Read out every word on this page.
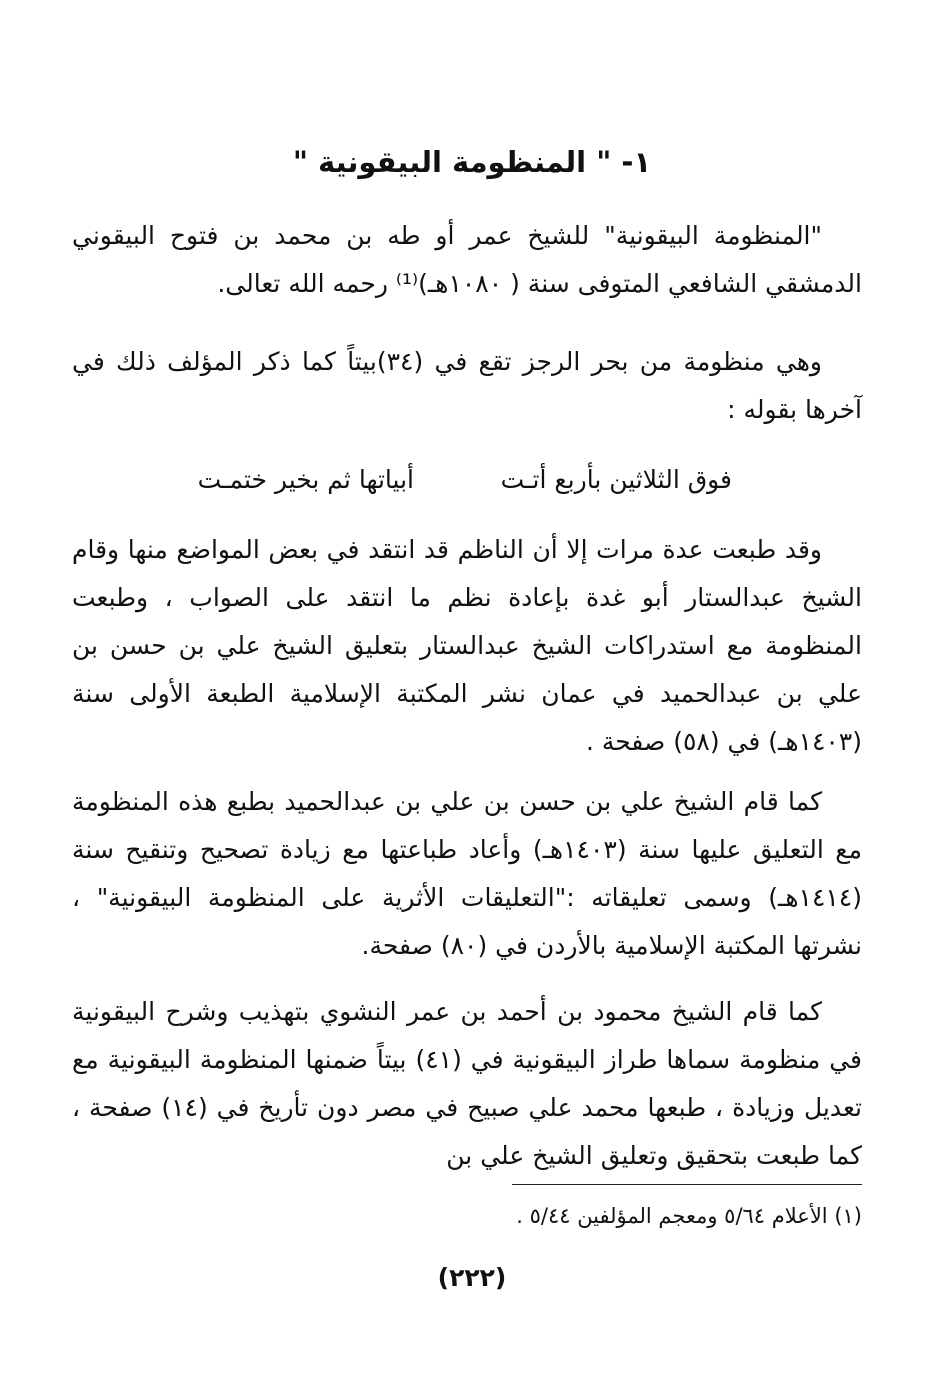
١- " المنظومة البيقونية "

"المنظومة البيقونية" للشيخ عمر أو طه بن محمد بن فتوح البيقوني الدمشقي الشافعي المتوفى سنة ( ١٠٨٠هـ)⁽¹⁾ رحمه الله تعالى.

وهي منظومة من بحر الرجز تقع في (٣٤)بيتاً كما ذكر المؤلف ذلك في آخرها بقوله :

فوق الثلاثين بأربع أتـت
أبياتها ثم بخير ختمـت

وقد طبعت عدة مرات إلا أن الناظم قد انتقد في بعض المواضع منها وقام الشيخ عبدالستار أبو غدة بإعادة نظم ما انتقد على الصواب ، وطبعت المنظومة مع استدراكات الشيخ عبدالستار بتعليق الشيخ علي بن حسن بن علي بن عبدالحميد في عمان نشر المكتبة الإسلامية الطبعة الأولى سنة (١٤٠٣هـ) في (٥٨) صفحة .

كما قام الشيخ علي بن حسن بن علي بن عبدالحميد بطبع هذه المنظومة مع التعليق عليها سنة (١٤٠٣هـ) وأعاد طباعتها مع زيادة تصحيح وتنقيح سنة (١٤١٤هـ) وسمى تعليقاته :"التعليقات الأثرية على المنظومة البيقونية" ، نشرتها المكتبة الإسلامية بالأردن في (٨٠) صفحة.

كما قام الشيخ محمود بن أحمد بن عمر النشوي بتهذيب وشرح البيقونية في منظومة سماها طراز البيقونية في (٤١) بيتاً ضمنها المنظومة البيقونية مع تعديل وزيادة ، طبعها محمد علي صبيح في مصر دون تأريخ في (١٤) صفحة ، كما طبعت بتحقيق وتعليق الشيخ علي بن

(١) الأعلام ٥/٦٤ ومعجم المؤلفين ٥/٤٤ .
(٢٢٢)
